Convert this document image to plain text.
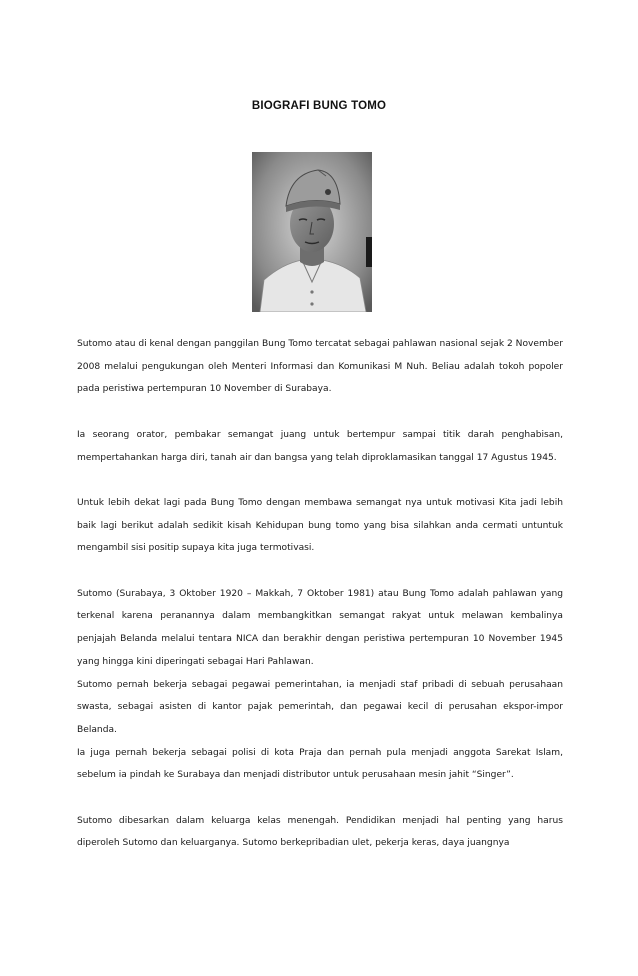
BIOGRAFI BUNG TOMO

Sutomo atau di kenal dengan panggilan Bung Tomo tercatat sebagai pahlawan nasional sejak 2 November 2008 melalui pengukungan oleh Menteri Informasi dan Komunikasi M Nuh. Beliau adalah tokoh popoler pada peristiwa pertempuran 10 November di Surabaya.

Ia seorang orator, pembakar semangat juang untuk bertempur sampai titik darah penghabisan, mempertahankan harga diri, tanah air dan bangsa yang telah diproklamasikan tanggal 17 Agustus 1945.

Untuk lebih dekat lagi pada Bung Tomo dengan membawa semangat nya untuk motivasi Kita jadi lebih baik lagi berikut adalah sedikit kisah Kehidupan bung tomo yang bisa silahkan anda cermati untuntuk mengambil sisi positip supaya kita juga termotivasi.

Sutomo (Surabaya, 3 Oktober 1920 – Makkah, 7 Oktober 1981) atau Bung Tomo adalah pahlawan yang terkenal karena peranannya dalam membangkitkan semangat rakyat untuk melawan kembalinya penjajah Belanda melalui tentara NICA dan berakhir dengan peristiwa pertempuran 10 November 1945 yang hingga kini diperingati sebagai Hari Pahlawan.

Sutomo pernah bekerja sebagai pegawai pemerintahan, ia menjadi staf pribadi di sebuah perusahaan swasta, sebagai asisten di kantor pajak pemerintah, dan pegawai kecil di perusahan ekspor-impor Belanda.

Ia juga pernah bekerja sebagai polisi di kota Praja dan pernah pula menjadi anggota Sarekat Islam, sebelum ia pindah ke Surabaya dan menjadi distributor untuk perusahaan mesin jahit “Singer”.

Sutomo dibesarkan dalam keluarga kelas menengah. Pendidikan menjadi hal penting yang harus diperoleh Sutomo dan keluarganya. Sutomo berkepribadian ulet, pekerja keras, daya juangnya
